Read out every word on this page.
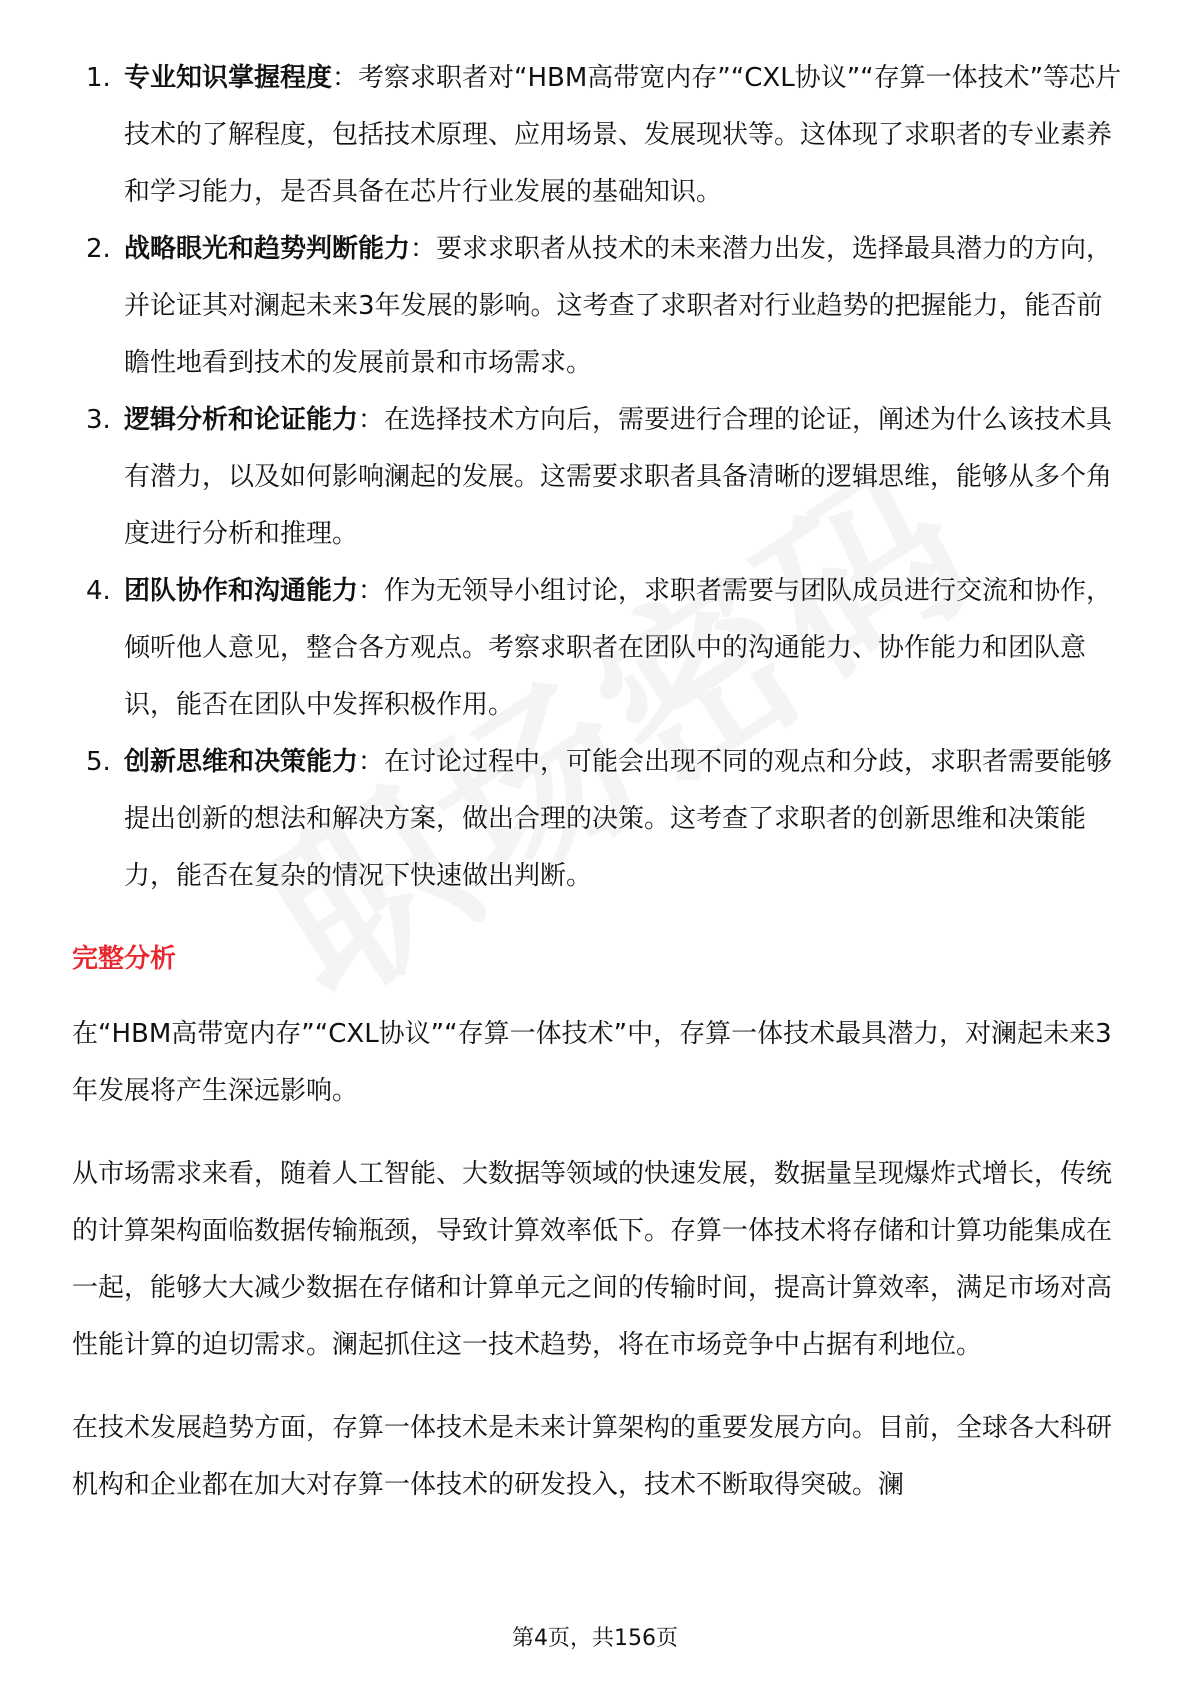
1. 专业知识掌握程度：考察求职者对“HBM高带宽内存”“CXL协议”“存算一体技术”等芯片技术的了解程度，包括技术原理、应用场景、发展现状等。这体现了求职者的专业素养和学习能力，是否具备在芯片行业发展的基础知识。
2. 战略眼光和趋势判断能力：要求求职者从技术的未来潜力出发，选择最具潜力的方向，并论证其对澜起未来3年发展的影响。这考查了求职者对行业趋势的把握能力，能否前瞻性地看到技术的发展前景和市场需求。
3. 逻辑分析和论证能力：在选择技术方向后，需要进行合理的论证，阐述为什么该技术具有潜力，以及如何影响澜起的发展。这需要求职者具备清晰的逻辑思维，能够从多个角度进行分析和推理。
4. 团队协作和沟通能力：作为无领导小组讨论，求职者需要与团队成员进行交流和协作，倾听他人意见，整合各方观点。考察求职者在团队中的沟通能力、协作能力和团队意识，能否在团队中发挥积极作用。
5. 创新思维和决策能力：在讨论过程中，可能会出现不同的观点和分歧，求职者需要能够提出创新的想法和解决方案，做出合理的决策。这考查了求职者的创新思维和决策能力，能否在复杂的情况下快速做出判断。
完整分析

在“HBM高带宽内存”“CXL协议”“存算一体技术”中，存算一体技术最具潜力，对澜起未来3年发展将产生深远影响。

从市场需求来看，随着人工智能、大数据等领域的快速发展，数据量呈现爆炸式增长，传统的计算架构面临数据传输瓶颈，导致计算效率低下。存算一体技术将存储和计算功能集成在一起，能够大大减少数据在存储和计算单元之间的传输时间，提高计算效率，满足市场对高性能计算的迫切需求。澜起抓住这一技术趋势，将在市场竞争中占据有利地位。

在技术发展趋势方面，存算一体技术是未来计算架构的重要发展方向。目前，全球各大科研机构和企业都在加大对存算一体技术的研发投入，技术不断取得突破。澜

第4页，共156页
